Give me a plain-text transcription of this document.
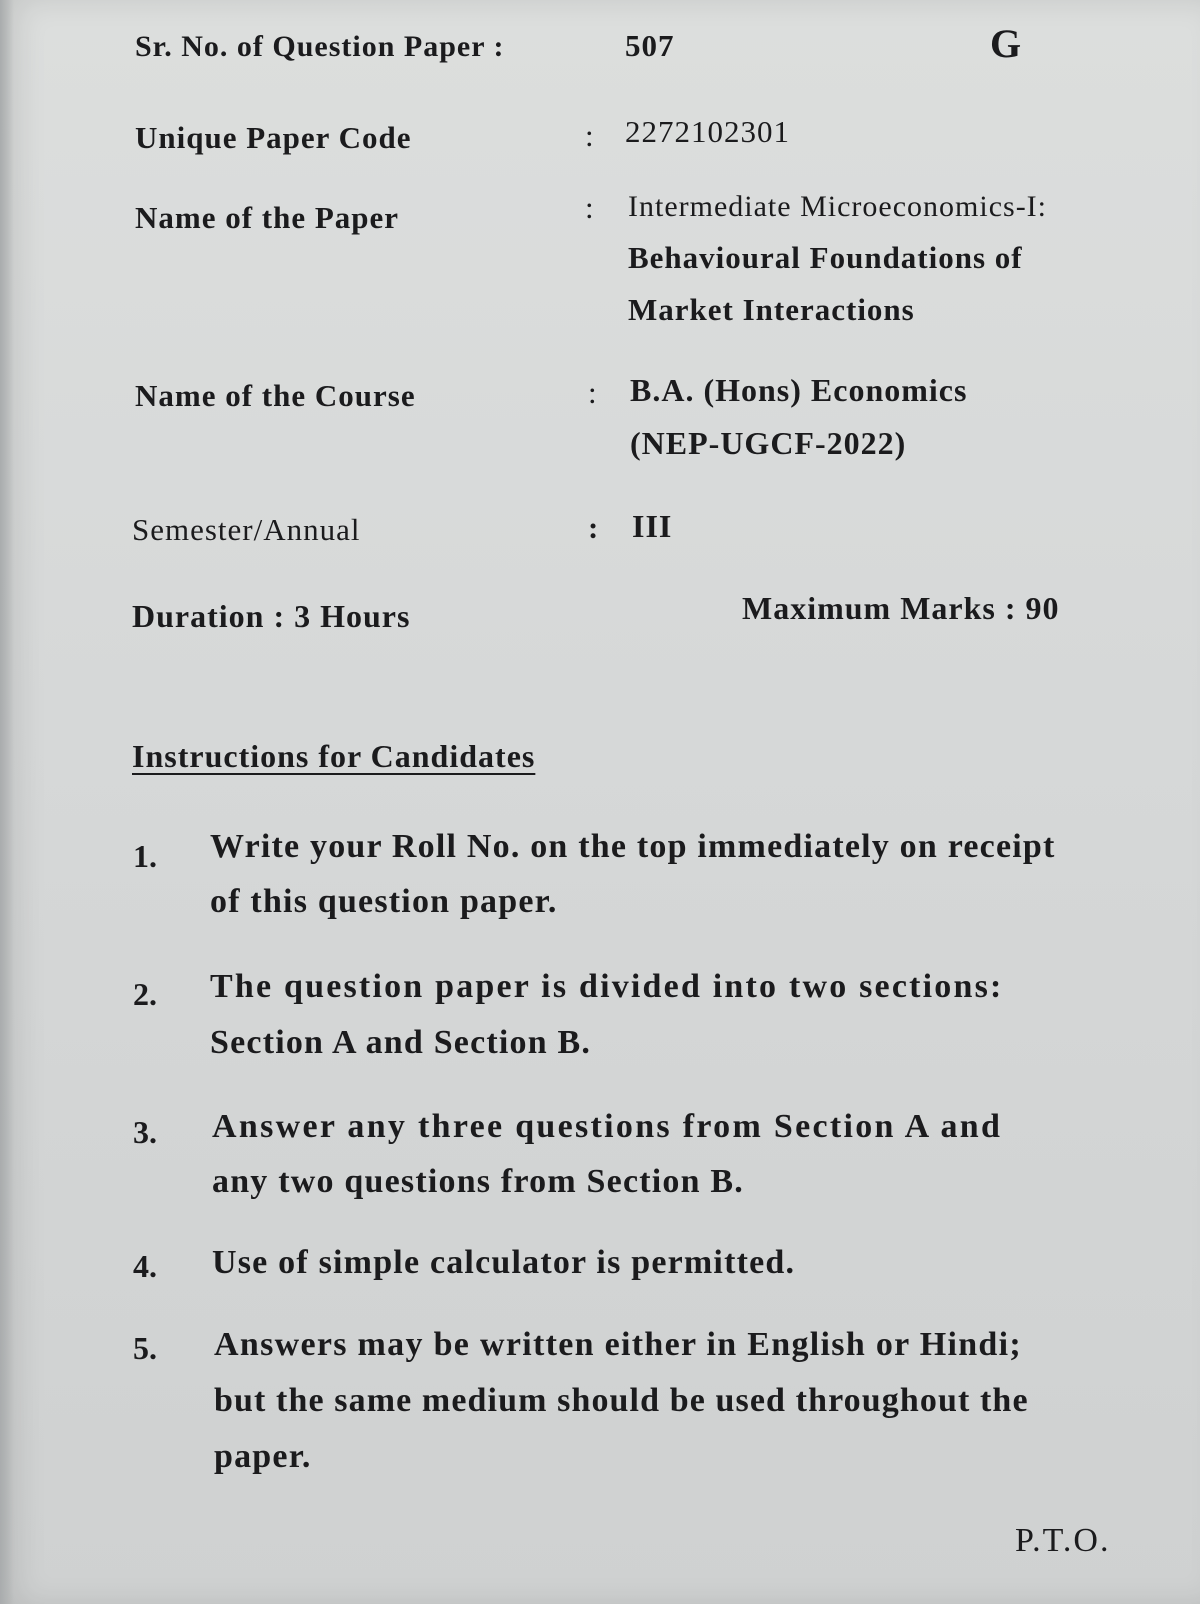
Sr. No. of Question Paper :	507	G
Unique Paper Code	: 2272102301
Name of the Paper	: Intermediate Microeconomics-I:
Behavioural Foundations of
Market Interactions
Name of the Course	: B.A. (Hons) Economics
(NEP-UGCF-2022)
Semester/Annual	: III
Duration : 3 Hours	Maximum Marks : 90
Instructions for Candidates
1. Write your Roll No. on the top immediately on receipt
of this question paper.
2. The question paper is divided into two sections:
Section A and Section B.
3. Answer any three questions from Section A and
any two questions from Section B.
4. Use of simple calculator is permitted.
5. Answers may be written either in English or Hindi;
but the same medium should be used throughout the
paper.
P.T.O.
